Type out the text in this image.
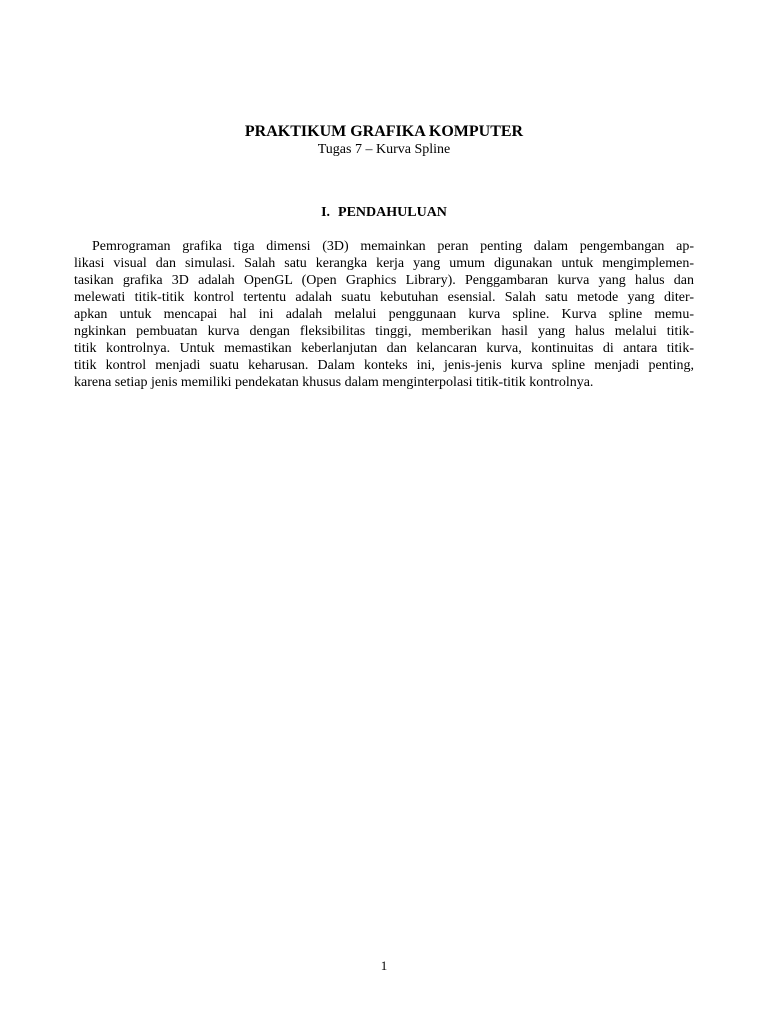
PRAKTIKUM GRAFIKA KOMPUTER
Tugas 7 – Kurva Spline
I. PENDAHULUAN
Pemrograman grafika tiga dimensi (3D) memainkan peran penting dalam pengembangan ap-
likasi visual dan simulasi. Salah satu kerangka kerja yang umum digunakan untuk mengimplemen-
tasikan grafika 3D adalah OpenGL (Open Graphics Library). Penggambaran kurva yang halus dan
melewati titik-titik kontrol tertentu adalah suatu kebutuhan esensial. Salah satu metode yang diter-
apkan untuk mencapai hal ini adalah melalui penggunaan kurva spline. Kurva spline memu-
ngkinkan pembuatan kurva dengan fleksibilitas tinggi, memberikan hasil yang halus melalui titik-
titik kontrolnya. Untuk memastikan keberlanjutan dan kelancaran kurva, kontinuitas di antara titik-
titik kontrol menjadi suatu keharusan. Dalam konteks ini, jenis-jenis kurva spline menjadi penting,
karena setiap jenis memiliki pendekatan khusus dalam menginterpolasi titik-titik kontrolnya.
1
